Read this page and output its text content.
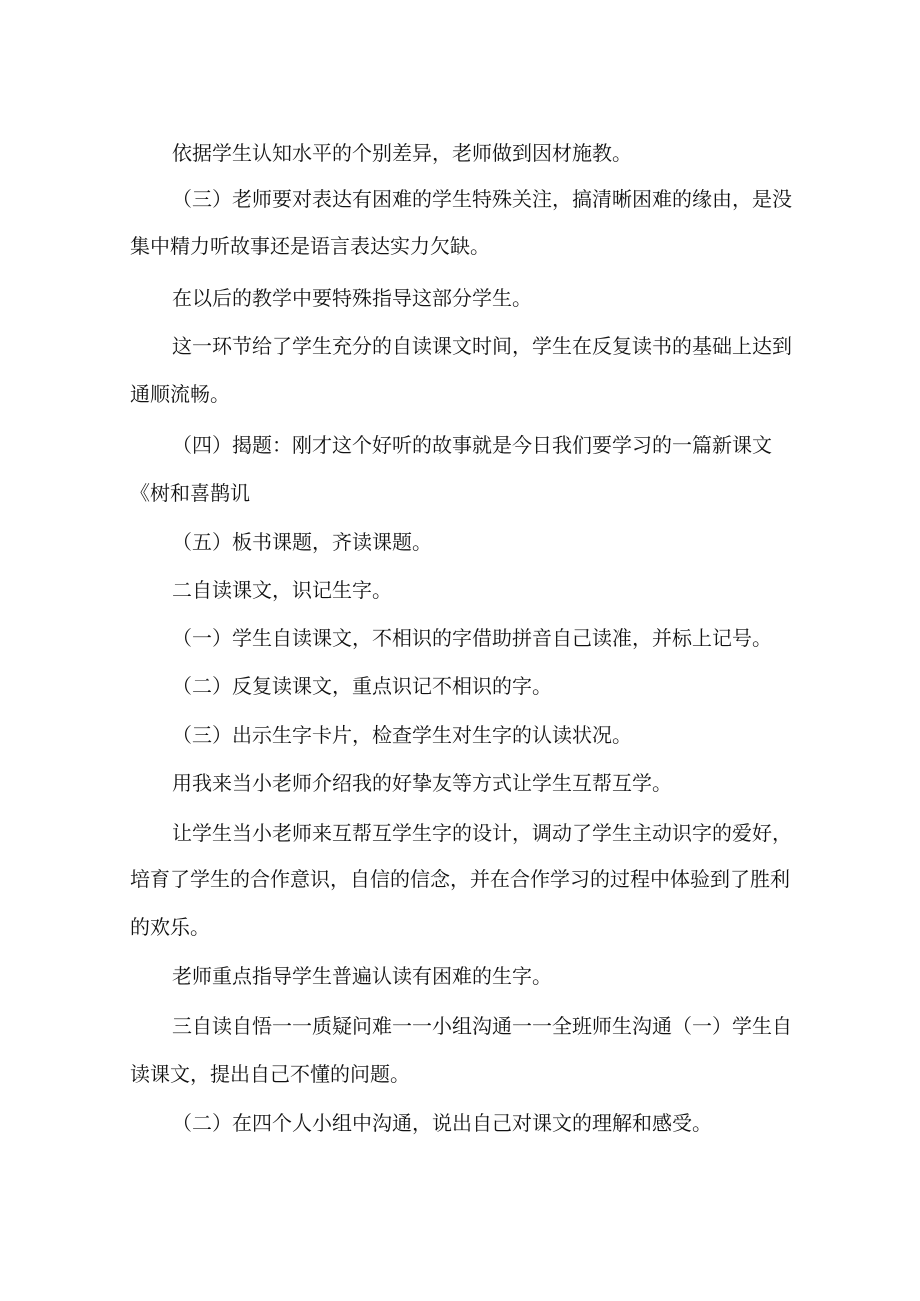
依据学生认知水平的个别差异，老师做到因材施教。
（三）老师要对表达有困难的学生特殊关注，搞清晰困难的缘由，是没
集中精力听故事还是语言表达实力欠缺。
在以后的教学中要特殊指导这部分学生。
这一环节给了学生充分的自读课文时间，学生在反复读书的基础上达到
通顺流畅。
（四）揭题：刚才这个好听的故事就是今日我们要学习的一篇新课文
《树和喜鹊讥
（五）板书课题，齐读课题。
二自读课文，识记生字。
（一）学生自读课文，不相识的字借助拼音自己读准，并标上记号。
（二）反复读课文，重点识记不相识的字。
（三）出示生字卡片，检查学生对生字的认读状况。
用我来当小老师介绍我的好挚友等方式让学生互帮互学。
让学生当小老师来互帮互学生字的设计，调动了学生主动识字的爱好，
培育了学生的合作意识，自信的信念，并在合作学习的过程中体验到了胜利
的欢乐。
老师重点指导学生普遍认读有困难的生字。
三自读自悟一一质疑问难一一小组沟通一一全班师生沟通（一）学生自
读课文，提出自己不懂的问题。
（二）在四个人小组中沟通，说出自己对课文的理解和感受。
